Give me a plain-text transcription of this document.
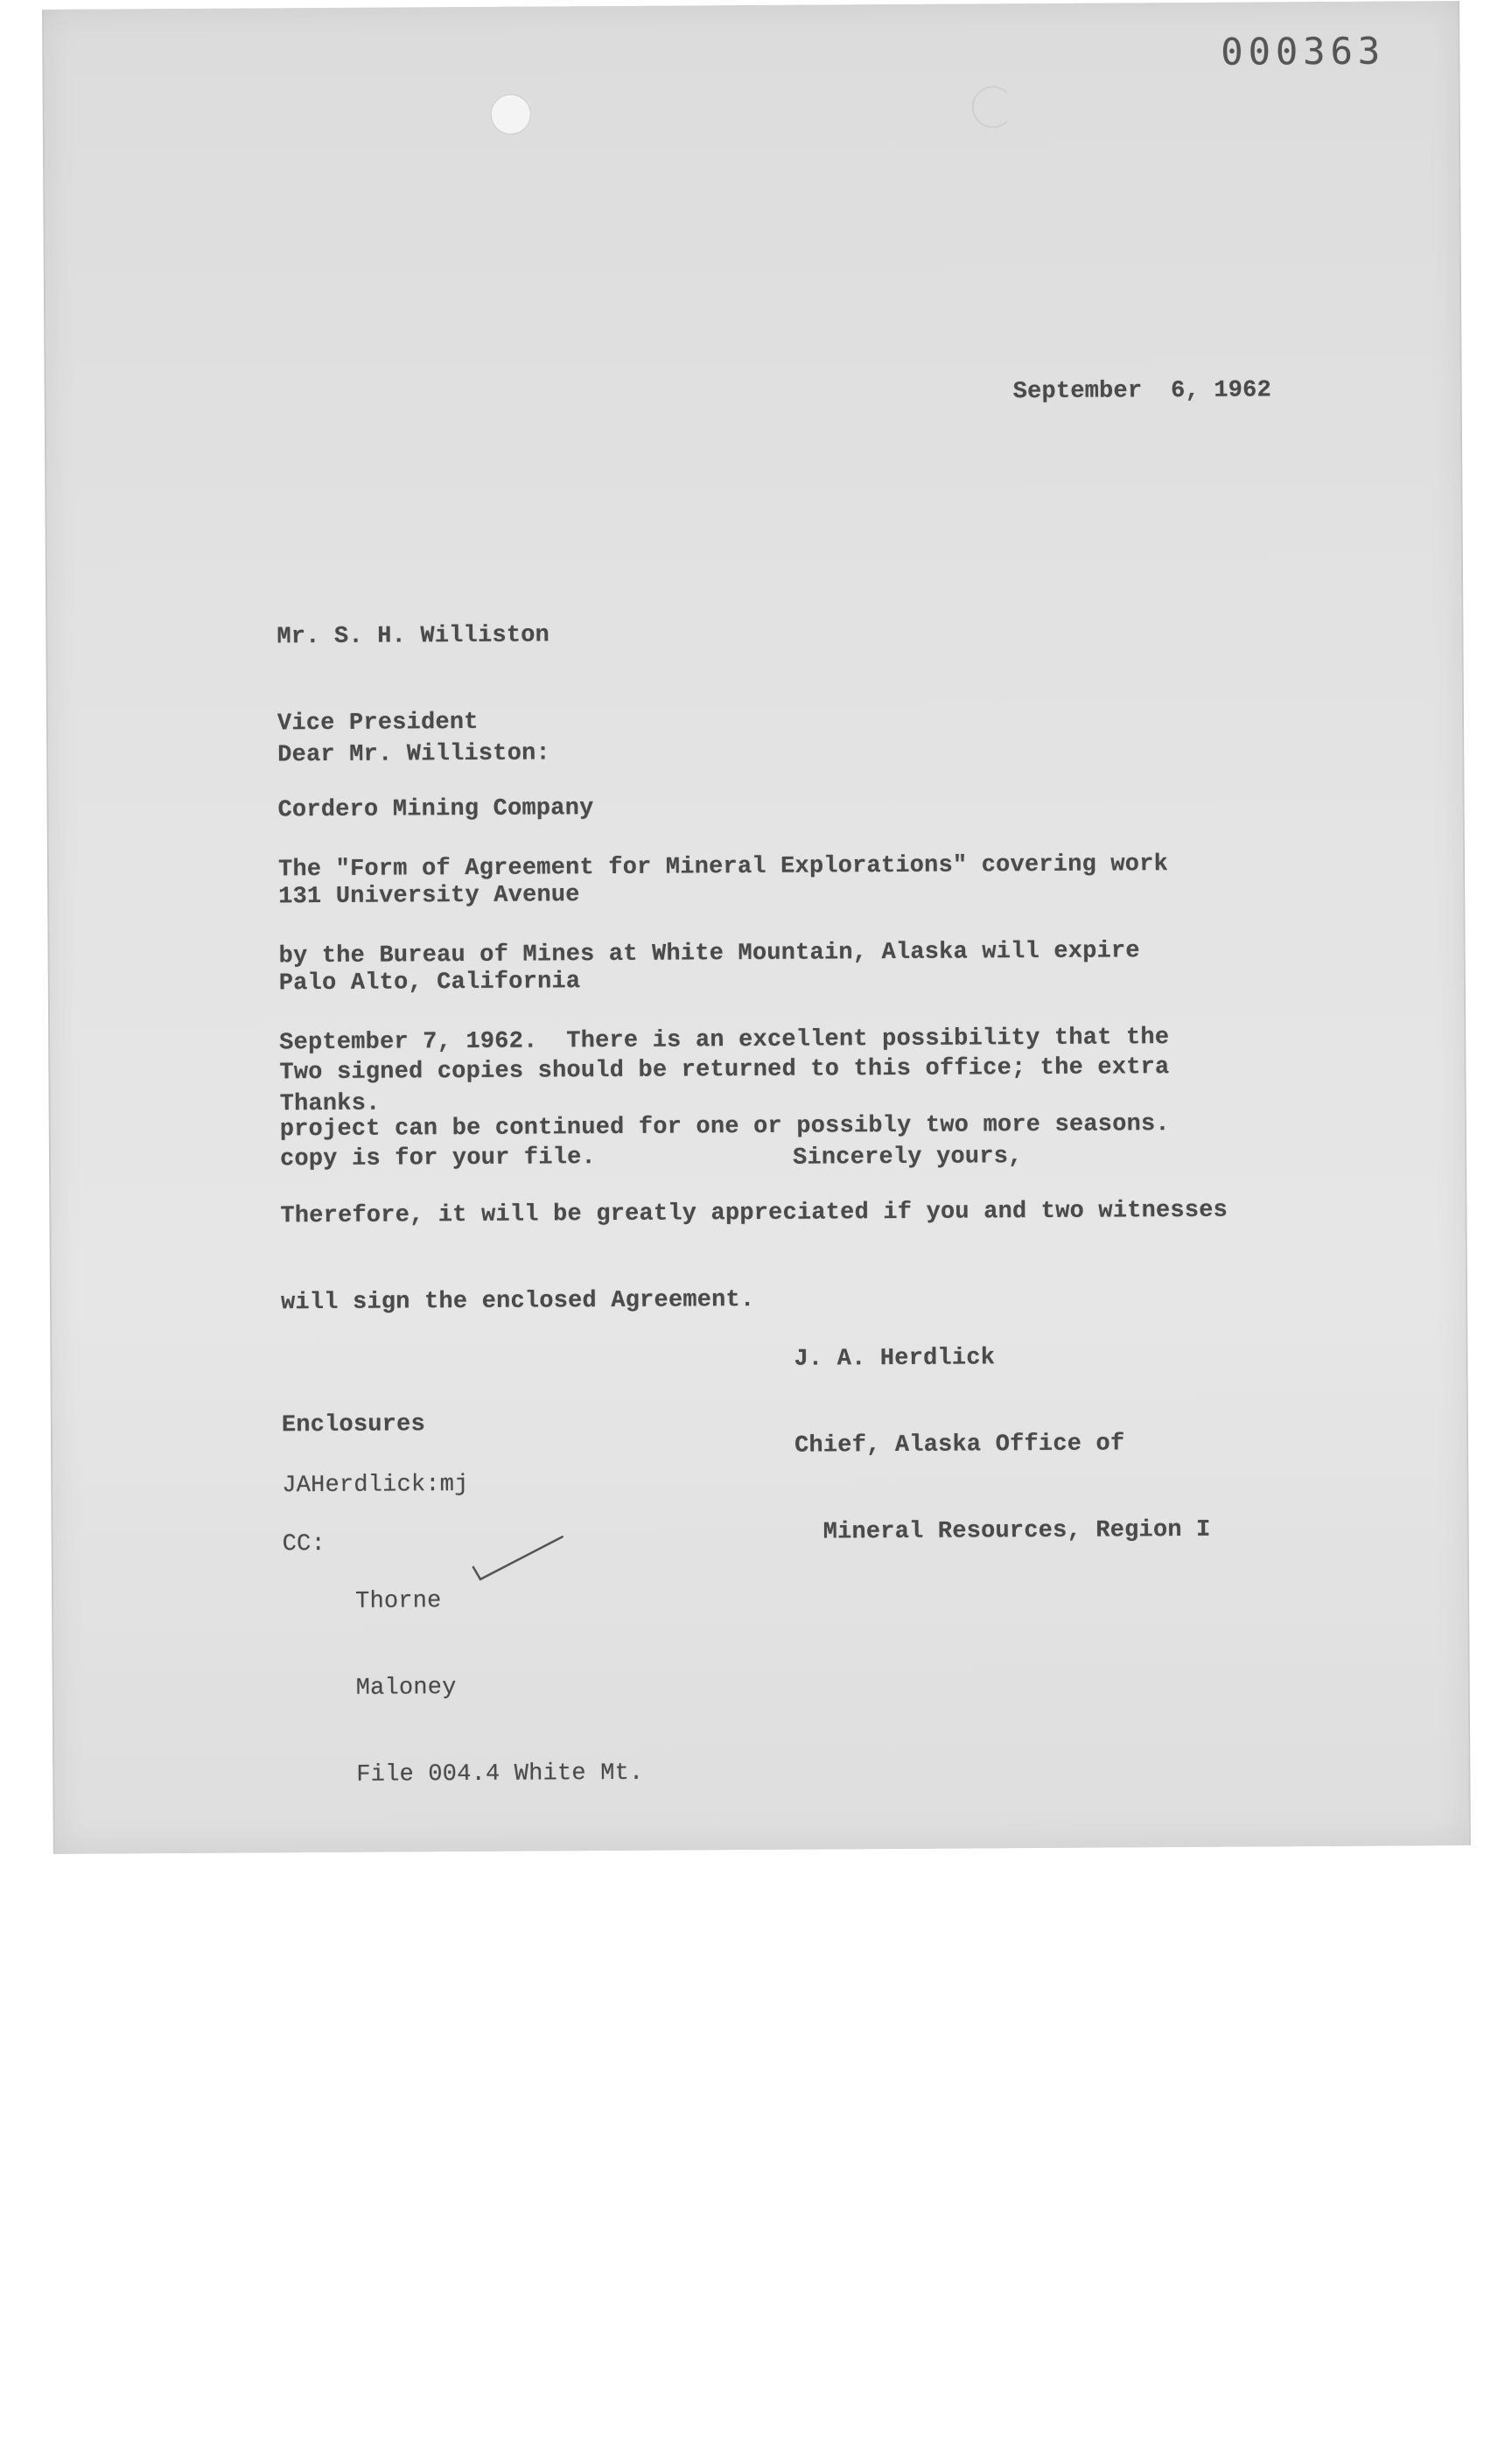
000363
September  6, 1962

Mr. S. H. Williston

Vice President

Cordero Mining Company

131 University Avenue

Palo Alto, California

Dear Mr. Williston:

The "Form of Agreement for Mineral Explorations" covering work

by the Bureau of Mines at White Mountain, Alaska will expire

September 7, 1962.  There is an excellent possibility that the

project can be continued for one or possibly two more seasons.

Therefore, it will be greatly appreciated if you and two witnesses

will sign the enclosed Agreement.

Two signed copies should be returned to this office; the extra

copy is for your file.

Thanks.
Sincerely yours,

J. A. Herdlick

Chief, Alaska Office of

Mineral Resources, Region I

Enclosures
JAHerdlick:mj
CC:

Thorne

Maloney

File 004.4 White Mt.
